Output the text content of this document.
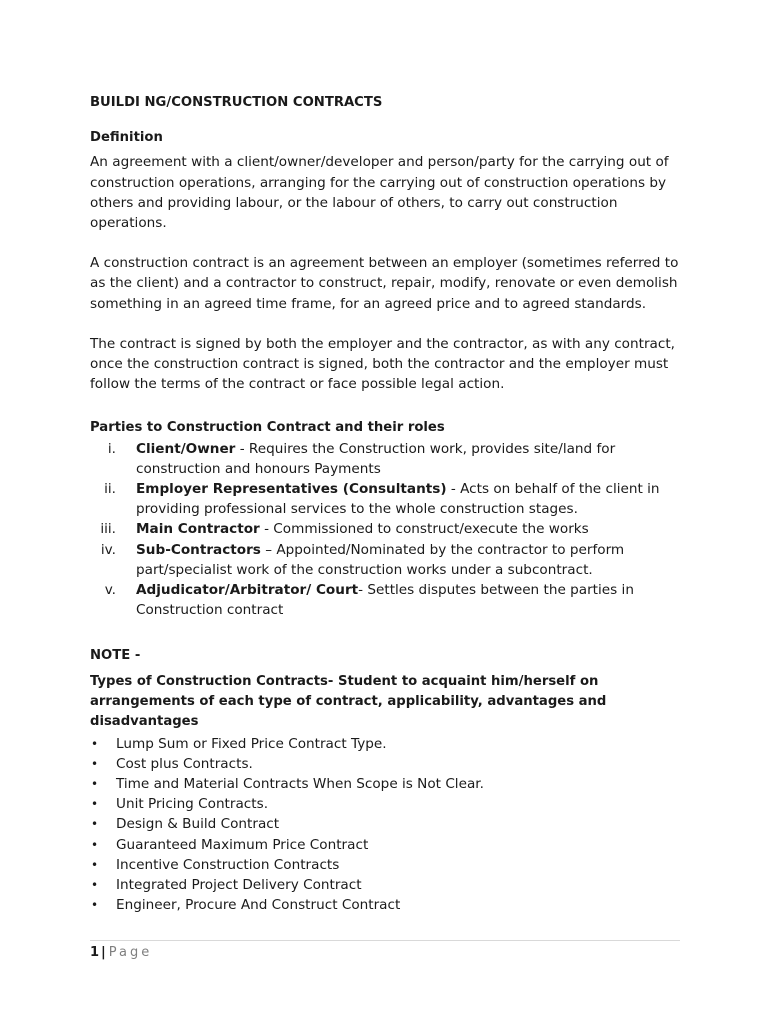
BUILDI NG/CONSTRUCTION CONTRACTS
Definition

An agreement with a client/owner/developer and person/party for the carrying out of construction operations, arranging for the carrying out of construction operations by others and providing labour, or the labour of others, to carry out construction operations.

A construction contract is an agreement between an employer (sometimes referred to as the client) and a contractor to construct, repair, modify, renovate or even demolish something in an agreed time frame, for an agreed price and to agreed standards.

The contract is signed by both the employer and the contractor, as with any contract, once the construction contract is signed, both the contractor and the employer must follow the terms of the contract or face possible legal action.

Parties to Construction Contract and their roles
i. Client/Owner - Requires the Construction work, provides site/land for construction and honours Payments
ii. Employer Representatives (Consultants) - Acts on behalf of the client in providing professional services to the whole construction stages.
iii. Main Contractor - Commissioned to construct/execute the works
iv. Sub-Contractors – Appointed/Nominated by the contractor to perform part/specialist work of the construction works under a subcontract.
v. Adjudicator/Arbitrator/ Court- Settles disputes between the parties in Construction contract
NOTE -
Types of Construction Contracts- Student to acquaint him/herself on arrangements of each type of contract, applicability, advantages and disadvantages
• Lump Sum or Fixed Price Contract Type.
• Cost plus Contracts.
• Time and Material Contracts When Scope is Not Clear.
• Unit Pricing Contracts.
• Design & Build Contract
• Guaranteed Maximum Price Contract
• Incentive Construction Contracts
• Integrated Project Delivery Contract
• Engineer, Procure And Construct Contract
1 | Page
